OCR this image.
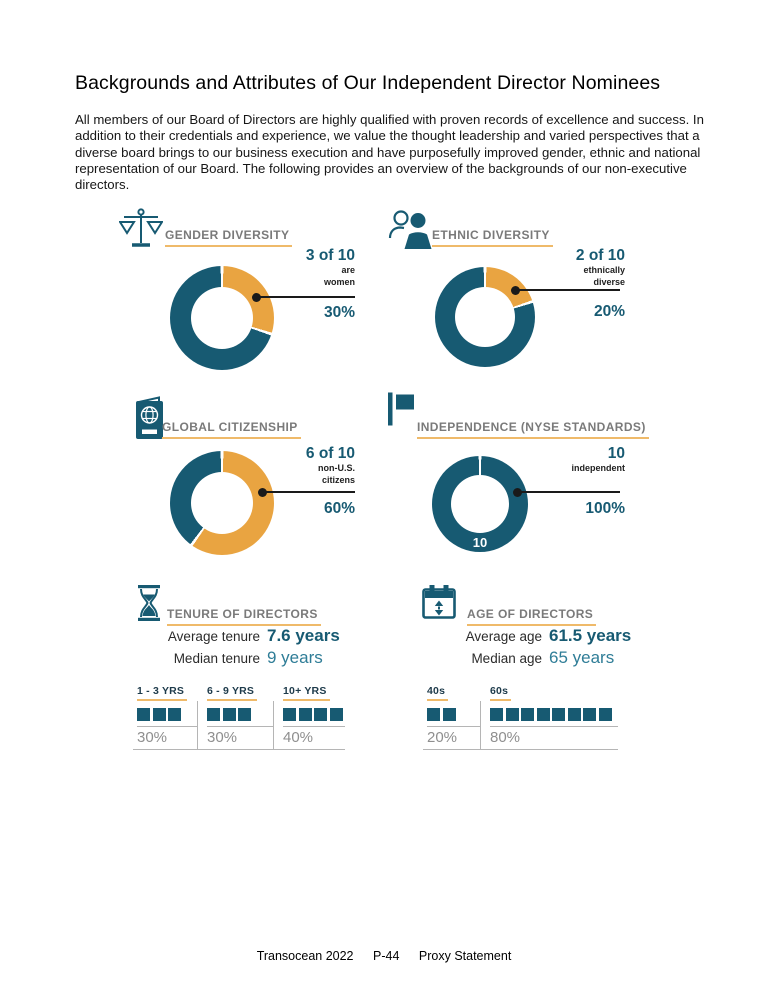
Backgrounds and Attributes of Our Independent Director Nominees

All members of our Board of Directors are highly qualified with proven records of excellence and success. In addition to their credentials and experience, we value the thought leadership and varied perspectives that a diverse board brings to our business execution and have purposefully improved gender, ethnic and national representation of our Board. The following provides an overview of the backgrounds of our non-executive directors.

GENDER DIVERSITY
3 of 10
are
women
30%
ETHNIC DIVERSITY
2 of 10
ethnically
diverse
20%
GLOBAL CITIZENSHIP
6 of 10
non-U.S.
citizens
60%
INDEPENDENCE (NYSE STANDARDS)
10
10
independent
100%
TENURE OF DIRECTORS
Average tenure 7.6 years
Median tenure 9 years
1 - 3 YRS	6 - 9 YRS	10+ YRS
30%	30%	40%
AGE OF DIRECTORS
Average age 61.5 years
Median age 65 years
40s	60s
20%	80%
Transocean 2022 P-44 Proxy Statement
